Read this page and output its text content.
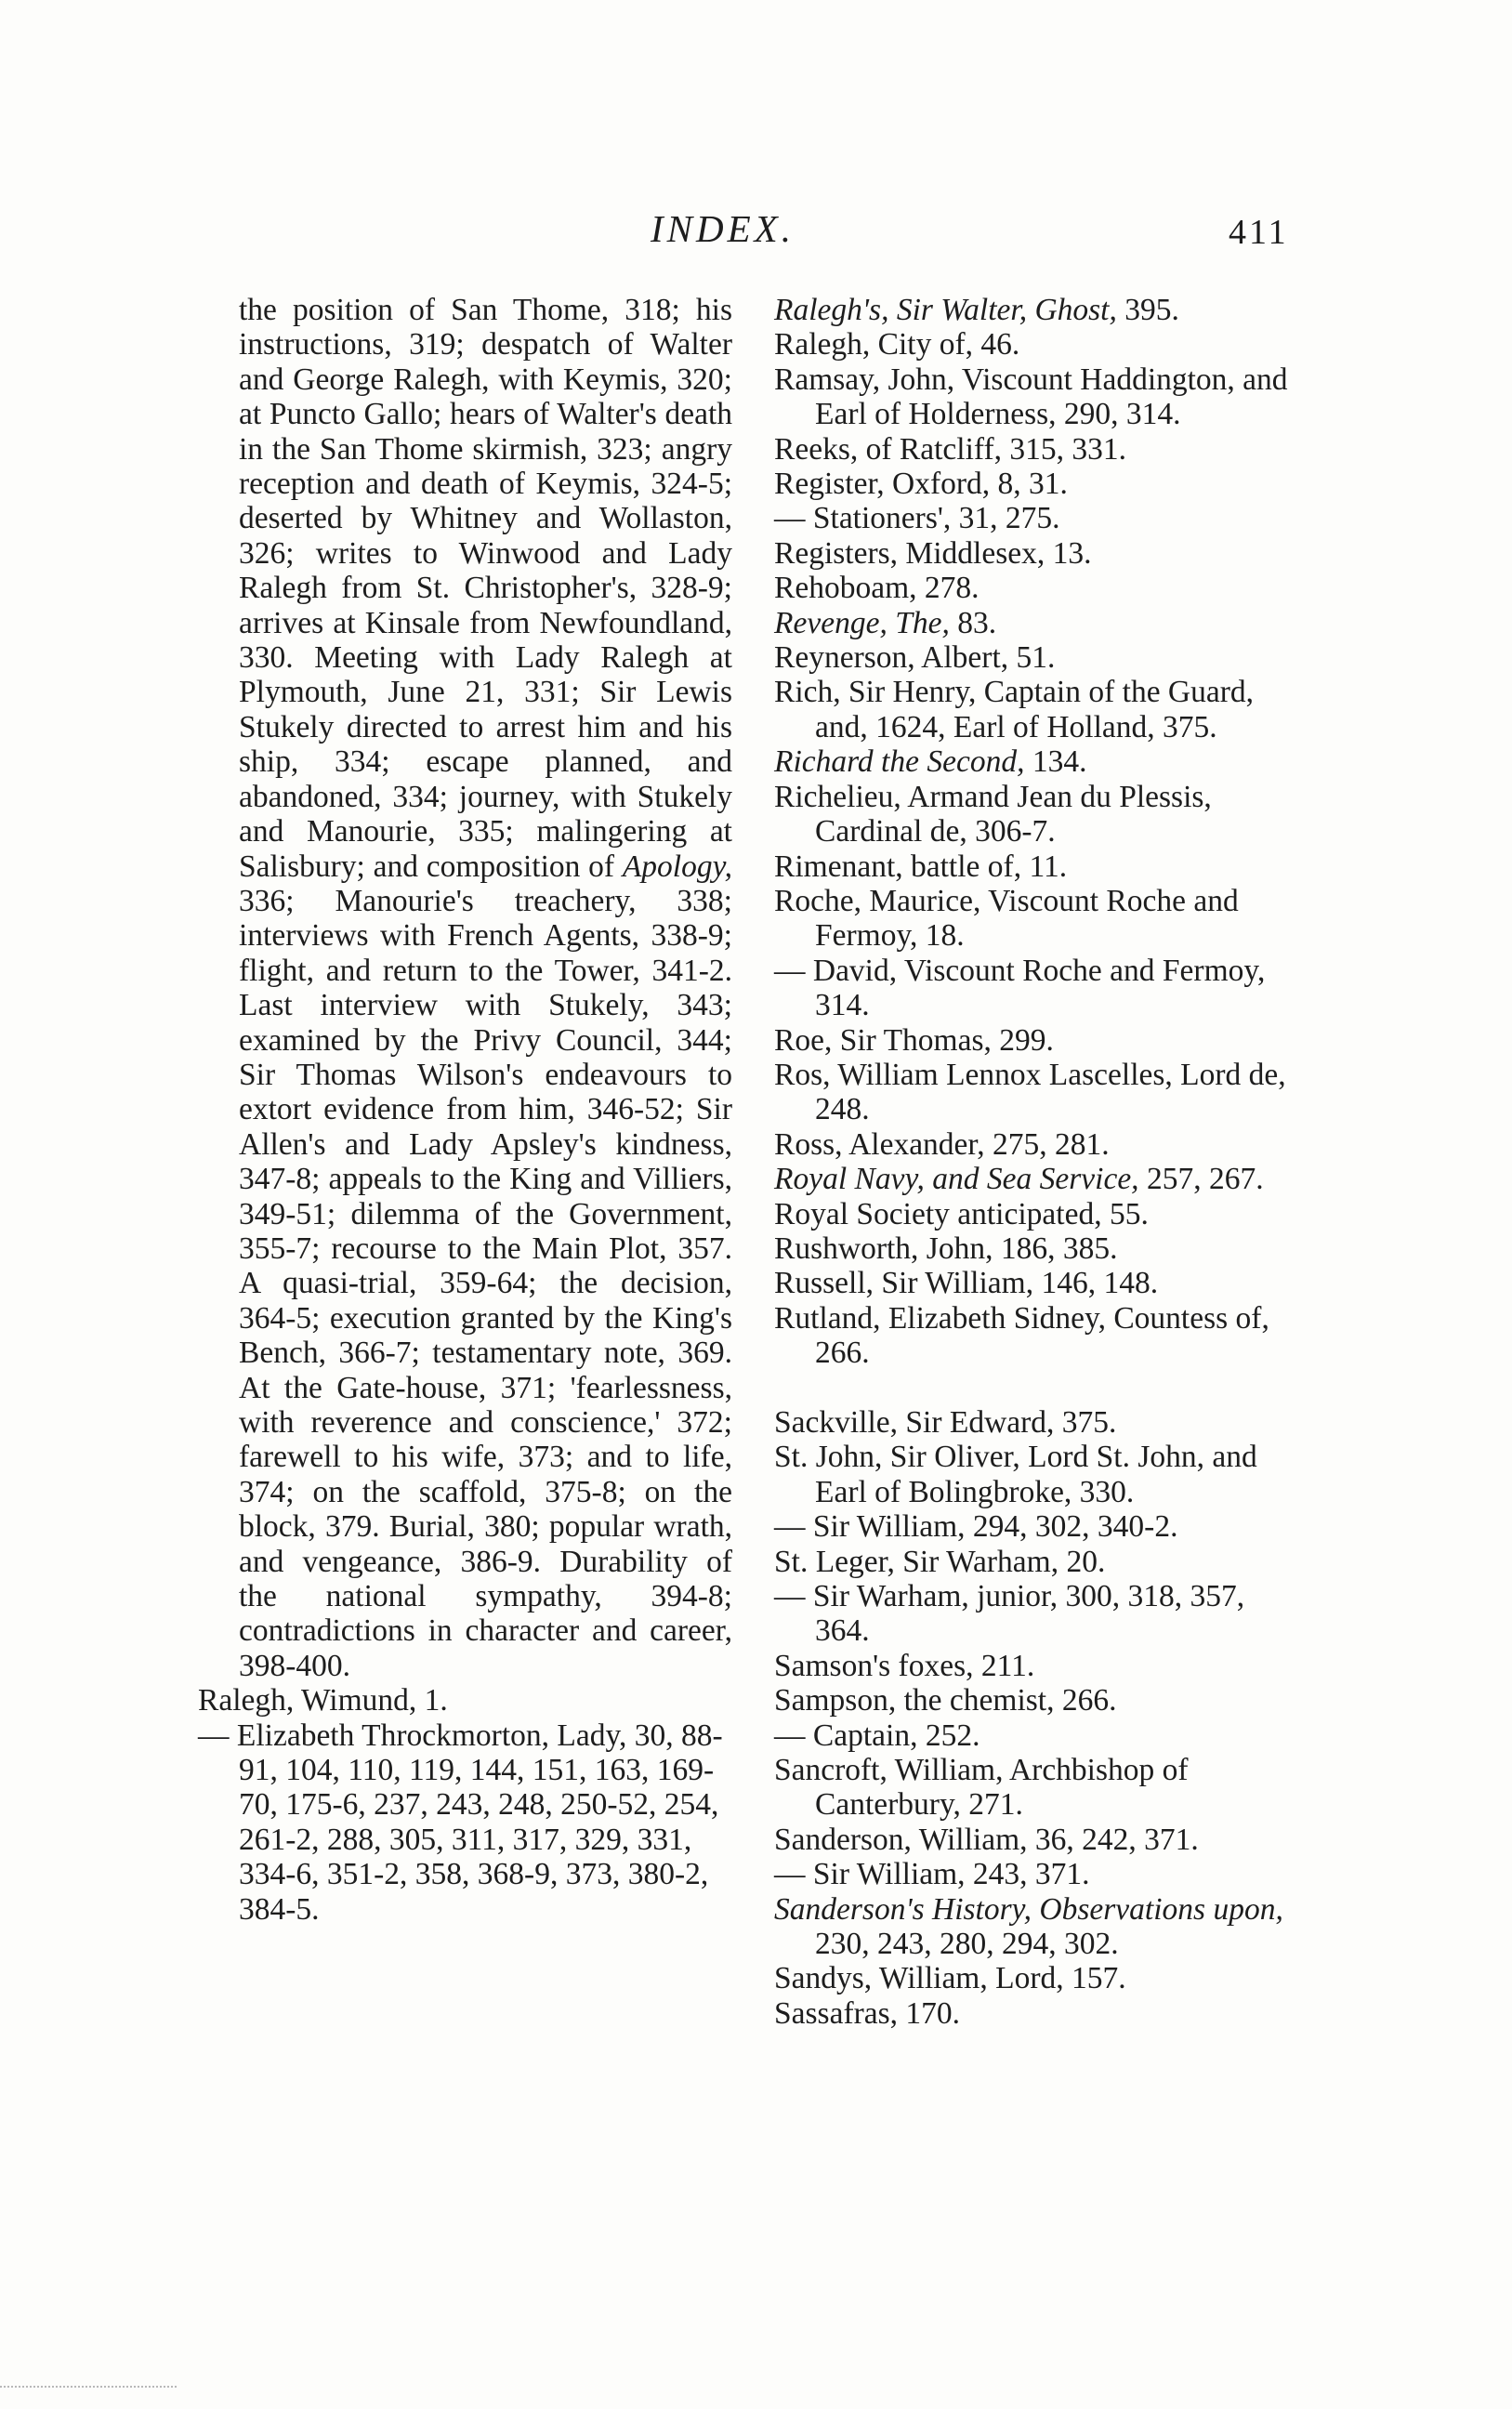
INDEX.	411

the position of San Thome, 318; his instructions, 319; despatch of Walter and George Ralegh, with Keymis, 320; at Puncto Gallo; hears of Walter's death in the San Thome skirmish, 323; angry reception and death of Keymis, 324-5; deserted by Whitney and Wollaston, 326; writes to Winwood and Lady Ralegh from St. Christopher's, 328-9; arrives at Kinsale from Newfoundland, 330. Meeting with Lady Ralegh at Plymouth, June 21, 331; Sir Lewis Stukely directed to arrest him and his ship, 334; escape planned, and abandoned, 334; journey, with Stukely and Manourie, 335; malingering at Salisbury; and composition of Apology, 336; Manourie's treachery, 338; interviews with French Agents, 338-9; flight, and return to the Tower, 341-2. Last interview with Stukely, 343; examined by the Privy Council, 344; Sir Thomas Wilson's endeavours to extort evidence from him, 346-52; Sir Allen's and Lady Apsley's kindness, 347-8; appeals to the King and Villiers, 349-51; dilemma of the Government, 355-7; recourse to the Main Plot, 357. A quasi-trial, 359-64; the decision, 364-5; execution granted by the King's Bench, 366-7; testamentary note, 369. At the Gate-house, 371; 'fearlessness, with reverence and conscience,' 372; farewell to his wife, 373; and to life, 374; on the scaffold, 375-8; on the block, 379. Burial, 380; popular wrath, and vengeance, 386-9. Durability of the national sympathy, 394-8; contradictions in character and career, 398-400.

Ralegh, Wimund, 1.

— Elizabeth Throckmorton, Lady, 30, 88-91, 104, 110, 119, 144, 151, 163, 169-70, 175-6, 237, 243, 248, 250-52, 254, 261-2, 288, 305, 311, 317, 329, 331, 334-6, 351-2, 358, 368-9, 373, 380-2, 384-5.

Ralegh's, Sir Walter, Ghost, 395.

Ralegh, City of, 46.

Ramsay, John, Viscount Haddington, and Earl of Holderness, 290, 314.

Reeks, of Ratcliff, 315, 331.

Register, Oxford, 8, 31.

— Stationers', 31, 275.

Registers, Middlesex, 13.

Rehoboam, 278.

Revenge, The, 83.

Reynerson, Albert, 51.

Rich, Sir Henry, Captain of the Guard, and, 1624, Earl of Holland, 375.

Richard the Second, 134.

Richelieu, Armand Jean du Plessis, Cardinal de, 306-7.

Rimenant, battle of, 11.

Roche, Maurice, Viscount Roche and Fermoy, 18.

— David, Viscount Roche and Fermoy, 314.

Roe, Sir Thomas, 299.

Ros, William Lennox Lascelles, Lord de, 248.

Ross, Alexander, 275, 281.

Royal Navy, and Sea Service, 257, 267.

Royal Society anticipated, 55.

Rushworth, John, 186, 385.

Russell, Sir William, 146, 148.

Rutland, Elizabeth Sidney, Countess of, 266.

Sackville, Sir Edward, 375.

St. John, Sir Oliver, Lord St. John, and Earl of Bolingbroke, 330.

— Sir William, 294, 302, 340-2.

St. Leger, Sir Warham, 20.

— Sir Warham, junior, 300, 318, 357, 364.

Samson's foxes, 211.

Sampson, the chemist, 266.

— Captain, 252.

Sancroft, William, Archbishop of Canterbury, 271.

Sanderson, William, 36, 242, 371.

— Sir William, 243, 371.

Sanderson's History, Observations upon, 230, 243, 280, 294, 302.

Sandys, William, Lord, 157.

Sassafras, 170.
